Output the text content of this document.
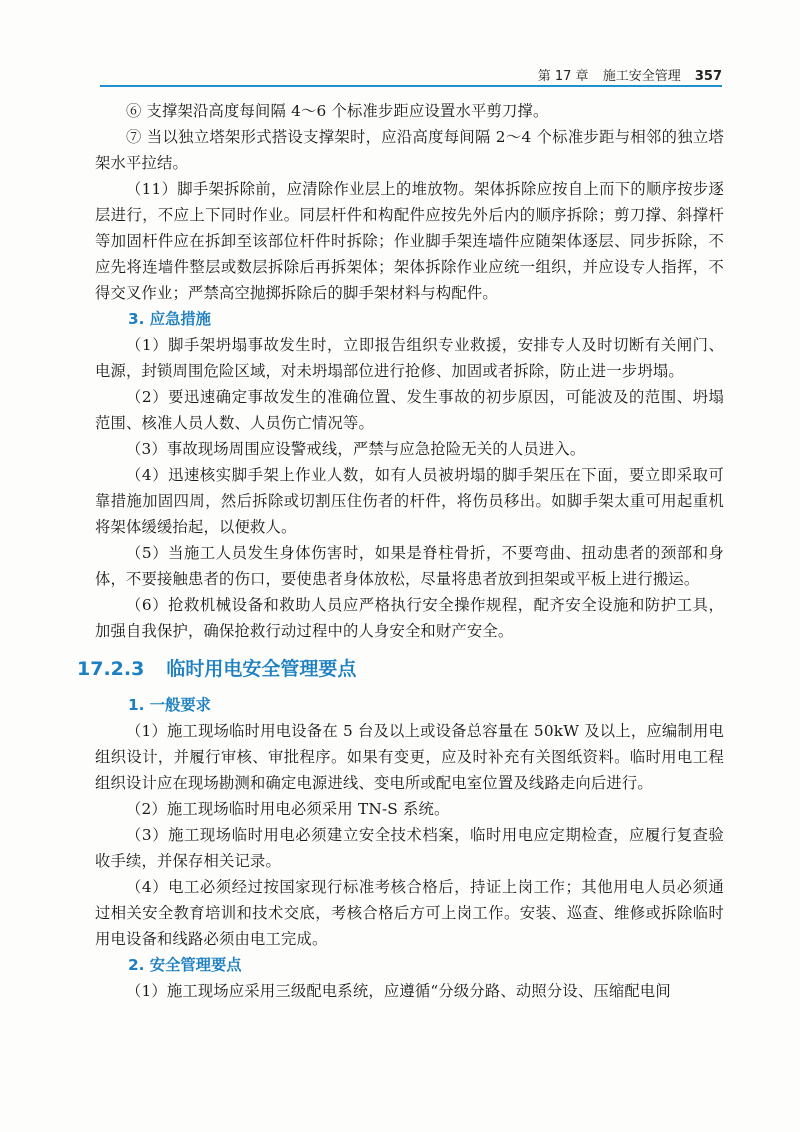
第 17 章 施工安全管理 357

⑥ 支撑架沿高度每间隔 4～6 个标准步距应设置水平剪刀撑。

⑦ 当以独立塔架形式搭设支撑架时，应沿高度每间隔 2～4 个标准步距与相邻的独立塔架水平拉结。

（11）脚手架拆除前，应清除作业层上的堆放物。架体拆除应按自上而下的顺序按步逐层进行，不应上下同时作业。同层杆件和构配件应按先外后内的顺序拆除；剪刀撑、斜撑杆等加固杆件应在拆卸至该部位杆件时拆除；作业脚手架连墙件应随架体逐层、同步拆除，不应先将连墙件整层或数层拆除后再拆架体；架体拆除作业应统一组织，并应设专人指挥，不得交叉作业；严禁高空抛掷拆除后的脚手架材料与构配件。

3. 应急措施

（1）脚手架坍塌事故发生时，立即报告组织专业救援，安排专人及时切断有关闸门、电源，封锁周围危险区域，对未坍塌部位进行抢修、加固或者拆除，防止进一步坍塌。

（2）要迅速确定事故发生的准确位置、发生事故的初步原因，可能波及的范围、坍塌范围、核准人员人数、人员伤亡情况等。

（3）事故现场周围应设警戒线，严禁与应急抢险无关的人员进入。

（4）迅速核实脚手架上作业人数，如有人员被坍塌的脚手架压在下面，要立即采取可靠措施加固四周，然后拆除或切割压住伤者的杆件，将伤员移出。如脚手架太重可用起重机将架体缓缓抬起，以便救人。

（5）当施工人员发生身体伤害时，如果是脊柱骨折，不要弯曲、扭动患者的颈部和身体，不要接触患者的伤口，要使患者身体放松，尽量将患者放到担架或平板上进行搬运。

（6）抢救机械设备和救助人员应严格执行安全操作规程，配齐安全设施和防护工具，加强自我保护，确保抢救行动过程中的人身安全和财产安全。

17.2.3 临时用电安全管理要点
1. 一般要求

（1）施工现场临时用电设备在 5 台及以上或设备总容量在 50kW 及以上，应编制用电组织设计，并履行审核、审批程序。如果有变更，应及时补充有关图纸资料。临时用电工程组织设计应在现场勘测和确定电源进线、变电所或配电室位置及线路走向后进行。

（2）施工现场临时用电必须采用 TN-S 系统。

（3）施工现场临时用电必须建立安全技术档案，临时用电应定期检查，应履行复查验收手续，并保存相关记录。

（4）电工必须经过按国家现行标准考核合格后，持证上岗工作；其他用电人员必须通过相关安全教育培训和技术交底，考核合格后方可上岗工作。安装、巡查、维修或拆除临时用电设备和线路必须由电工完成。

2. 安全管理要点

（1）施工现场应采用三级配电系统，应遵循“分级分路、动照分设、压缩配电间
